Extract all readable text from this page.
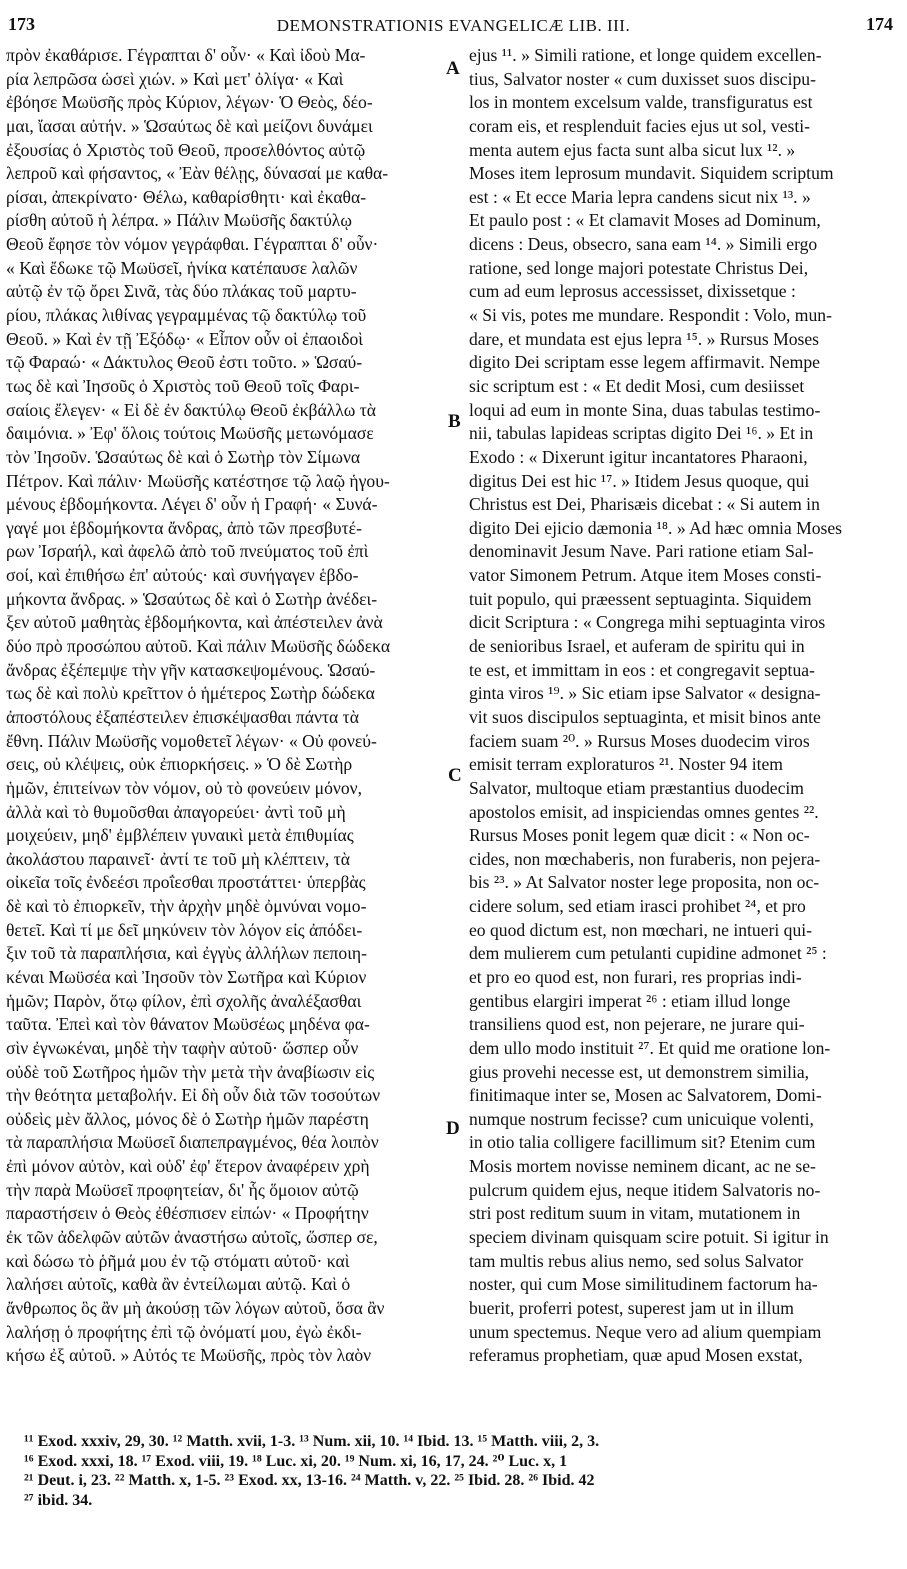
173	DEMONSTRATIONIS EVANGELICÆ LIB. III.	174
πρὸν ἐκαθάρισε. Γέγραπται δ' οὖν· « Καὶ ἰδοὺ Μα-
ρία λεπρῶσα ὡσεὶ χιών. » Καὶ μετ' ὀλίγα· « Καὶ
ἐβόησε Μωϋσῆς πρὸς Κύριον, λέγων· Ὁ Θεὸς, δέο-
μαι, ἴασαι αὐτήν. » Ὡσαύτως δὲ καὶ μείζονι δυνάμει
ἐξουσίας ὁ Χριστὸς τοῦ Θεοῦ, προσελθόντος αὐτῷ
λεπροῦ καὶ φήσαντος, « Ἐὰν θέλῃς, δύνασαί με καθα-
ρίσαι, ἀπεκρίνατο· Θέλω, καθαρίσθητι· καὶ ἐκαθα-
ρίσθη αὐτοῦ ἡ λέπρα. » Πάλιν Μωϋσῆς δακτύλῳ
Θεοῦ ἔφησε τὸν νόμον γεγράφθαι. Γέγραπται δ' οὖν·
« Καὶ ἔδωκε τῷ Μωϋσεῖ, ἡνίκα κατέπαυσε λαλῶν
αὐτῷ ἐν τῷ ὄρει Σινᾶ, τὰς δύο πλάκας τοῦ μαρτυ-
ρίου, πλάκας λιθίνας γεγραμμένας τῷ δακτύλῳ τοῦ
Θεοῦ. » Καὶ ἐν τῇ Ἐξόδῳ· « Εἶπον οὖν οἱ ἐπαοιδοὶ
τῷ Φαραώ· « Δάκτυλος Θεοῦ ἐστι τοῦτο. » Ὡσαύ-
τως δὲ καὶ Ἰησοῦς ὁ Χριστὸς τοῦ Θεοῦ τοῖς Φαρι-
σαίοις ἔλεγεν· « Εἰ δὲ ἐν δακτύλῳ Θεοῦ ἐκβάλλω τὰ
δαιμόνια. » Ἐφ' ὅλοις τούτοις Μωϋσῆς μετωνόμασε
τὸν Ἰησοῦν. Ὡσαύτως δὲ καὶ ὁ Σωτὴρ τὸν Σίμωνα
Πέτρον. Καὶ πάλιν· Μωϋσῆς κατέστησε τῷ λαῷ ἡγου-
μένους ἑβδομήκοντα. Λέγει δ' οὖν ἡ Γραφή· « Συνά-
γαγέ μοι ἑβδομήκοντα ἄνδρας, ἀπὸ τῶν πρεσβυτέ-
ρων Ἰσραήλ, καὶ ἀφελῶ ἀπὸ τοῦ πνεύματος τοῦ ἐπὶ
σοί, καὶ ἐπιθήσω ἐπ' αὐτούς· καὶ συνήγαγεν ἑβδο-
μήκοντα ἄνδρας. » Ὡσαύτως δὲ καὶ ὁ Σωτὴρ ἀνέδει-
ξεν αὐτοῦ μαθητὰς ἑβδομήκοντα, καὶ ἀπέστειλεν ἀνὰ
δύο πρὸ προσώπου αὐτοῦ. Καὶ πάλιν Μωϋσῆς δώδεκα
ἄνδρας ἐξέπεμψε τὴν γῆν κατασκεψομένους. Ὡσαύ-
τως δὲ καὶ πολὺ κρεῖττον ὁ ἡμέτερος Σωτὴρ δώδεκα
ἀποστόλους ἐξαπέστειλεν ἐπισκέψασθαι πάντα τὰ
ἔθνη. Πάλιν Μωϋσῆς νομοθετεῖ λέγων· « Οὐ φονεύ-
σεις, οὐ κλέψεις, οὐκ ἐπιορκήσεις. » Ὁ δὲ Σωτὴρ
ἡμῶν, ἐπιτείνων τὸν νόμον, οὐ τὸ φονεύειν μόνον,
ἀλλὰ καὶ τὸ θυμοῦσθαι ἀπαγορεύει· ἀντὶ τοῦ μὴ
μοιχεύειν, μηδ' ἐμβλέπειν γυναικὶ μετὰ ἐπιθυμίας
ἀκολάστου παραινεῖ· ἀντί τε τοῦ μὴ κλέπτειν, τὰ
οἰκεῖα τοῖς ἐνδεέσι προΐεσθαι προστάττει· ὑπερβὰς
δὲ καὶ τὸ ἐπιορκεῖν, τὴν ἀρχὴν μηδὲ ὀμνύναι νομο-
θετεῖ. Καὶ τί με δεῖ μηκύνειν τὸν λόγον εἰς ἀπόδει-
ξιν τοῦ τὰ παραπλήσια, καὶ ἐγγὺς ἀλλήλων πεποιη-
κέναι Μωϋσέα καὶ Ἰησοῦν τὸν Σωτῆρα καὶ Κύριον
ἡμῶν; Παρὸν, ὅτῳ φίλον, ἐπὶ σχολῆς ἀναλέξασθαι
ταῦτα. Ἐπεὶ καὶ τὸν θάνατον Μωϋσέως μηδένα φα-
σὶν ἐγνωκέναι, μηδὲ τὴν ταφὴν αὐτοῦ· ὥσπερ οὖν
οὐδὲ τοῦ Σωτῆρος ἡμῶν τὴν μετὰ τὴν ἀναβίωσιν εἰς
τὴν θεότητα μεταβολήν. Εἰ δὴ οὖν διὰ τῶν τοσούτων
οὐδεὶς μὲν ἄλλος, μόνος δὲ ὁ Σωτὴρ ἡμῶν παρέστη
τὰ παραπλήσια Μωϋσεῖ διαπεπραγμένος, θέα λοιπὸν
ἐπὶ μόνον αὐτὸν, καὶ οὐδ' ἐφ' ἕτερον ἀναφέρειν χρὴ
τὴν παρὰ Μωϋσεῖ προφητείαν, δι' ἧς ὅμοιον αὐτῷ
παραστήσειν ὁ Θεὸς ἐθέσπισεν εἰπών· « Προφήτην
ἐκ τῶν ἀδελφῶν αὐτῶν ἀναστήσω αὐτοῖς, ὥσπερ σε,
καὶ δώσω τὸ ῥῆμά μου ἐν τῷ στόματι αὐτοῦ· καὶ
λαλήσει αὐτοῖς, καθὰ ἂν ἐντείλωμαι αὐτῷ. Καὶ ὁ
ἄνθρωπος ὃς ἂν μὴ ἀκούσῃ τῶν λόγων αὐτοῦ, ὅσα ἂν
λαλήσῃ ὁ προφήτης ἐπὶ τῷ ὀνόματί μου, ἐγὼ ἐκδι-
κήσω ἐξ αὐτοῦ. » Αὐτός τε Μωϋσῆς, πρὸς τὸν λαὸν
ejus ¹¹. » Simili ratione, et longe quidem excellen-
tius, Salvator noster « cum duxisset suos discipu-
los in montem excelsum valde, transfiguratus est
coram eis, et resplenduit facies ejus ut sol, vesti-
menta autem ejus facta sunt alba sicut lux ¹². »
Moses item leprosum mundavit. Siquidem scriptum
est : « Et ecce Maria lepra candens sicut nix ¹³. »
Et paulo post : « Et clamavit Moses ad Dominum,
dicens : Deus, obsecro, sana eam ¹⁴. » Simili ergo
ratione, sed longe majori potestate Christus Dei,
cum ad eum leprosus accessisset, dixissetque :
« Si vis, potes me mundare. Respondit : Volo, mun-
dare, et mundata est ejus lepra ¹⁵. » Rursus Moses
digito Dei scriptam esse legem affirmavit. Nempe
sic scriptum est : « Et dedit Mosi, cum desiisset
loqui ad eum in monte Sina, duas tabulas testimo-
nii, tabulas lapideas scriptas digito Dei ¹⁶. » Et in
Exodo : « Dixerunt igitur incantatores Pharaoni,
digitus Dei est hic ¹⁷. » Itidem Jesus quoque, qui
Christus est Dei, Pharisæis dicebat : « Si autem in
digito Dei ejicio dæmonia ¹⁸. » Ad hæc omnia Moses
denominavit Jesum Nave. Pari ratione etiam Sal-
vator Simonem Petrum. Atque item Moses consti-
tuit populo, qui præessent septuaginta. Siquidem
dicit Scriptura : « Congrega mihi septuaginta viros
de senioribus Israel, et auferam de spiritu qui in
te est, et immittam in eos : et congregavit septua-
ginta viros ¹⁹. » Sic etiam ipse Salvator « designa-
vit suos discipulos septuaginta, et misit binos ante
faciem suam ²⁰. » Rursus Moses duodecim viros
emisit terram exploraturos ²¹. Noster 94 item
Salvator, multoque etiam præstantius duodecim
apostolos emisit, ad inspiciendas omnes gentes ²².
Rursus Moses ponit legem quæ dicit : « Non oc-
cides, non mœchaberis, non furaberis, non pejera-
bis ²³. » At Salvator noster lege proposita, non oc-
cidere solum, sed etiam irasci prohibet ²⁴, et pro
eo quod dictum est, non mœchari, ne intueri qui-
dem mulierem cum petulanti cupidine admonet ²⁵ :
et pro eo quod est, non furari, res proprias indi-
gentibus elargiri imperat ²⁶ : etiam illud longe
transiliens quod est, non pejerare, ne jurare qui-
dem ullo modo instituit ²⁷. Et quid me oratione lon-
gius provehi necesse est, ut demonstrem similia,
finitimaque inter se, Mosen ac Salvatorem, Domi-
numque nostrum fecisse? cum unicuique volenti,
in otio talia colligere facillimum sit? Etenim cum
Mosis mortem novisse neminem dicant, ac ne se-
pulcrum quidem ejus, neque itidem Salvatoris no-
stri post reditum suum in vitam, mutationem in
speciem divinam quisquam scire potuit. Si igitur in
tam multis rebus alius nemo, sed solus Salvator
noster, qui cum Mose similitudinem factorum ha-
buerit, proferri potest, superest jam ut in illum
unum spectemus. Neque vero ad alium quempiam
referamus prophetiam, quæ apud Mosen exstat,
A
B
C
D
¹¹ Exod. xxxiv, 29, 30. ¹² Matth. xvii, 1-3. ¹³ Num. xii, 10. ¹⁴ Ibid. 13. ¹⁵ Matth. viii, 2, 3.
¹⁶ Exod. xxxi, 18. ¹⁷ Exod. viii, 19. ¹⁸ Luc. xi, 20. ¹⁹ Num. xi, 16, 17, 24. ²⁰ Luc. x, 1
²¹ Deut. i, 23. ²² Matth. x, 1-5. ²³ Exod. xx, 13-16. ²⁴ Matth. v, 22. ²⁵ Ibid. 28. ²⁶ Ibid. 42
²⁷ ibid. 34.
